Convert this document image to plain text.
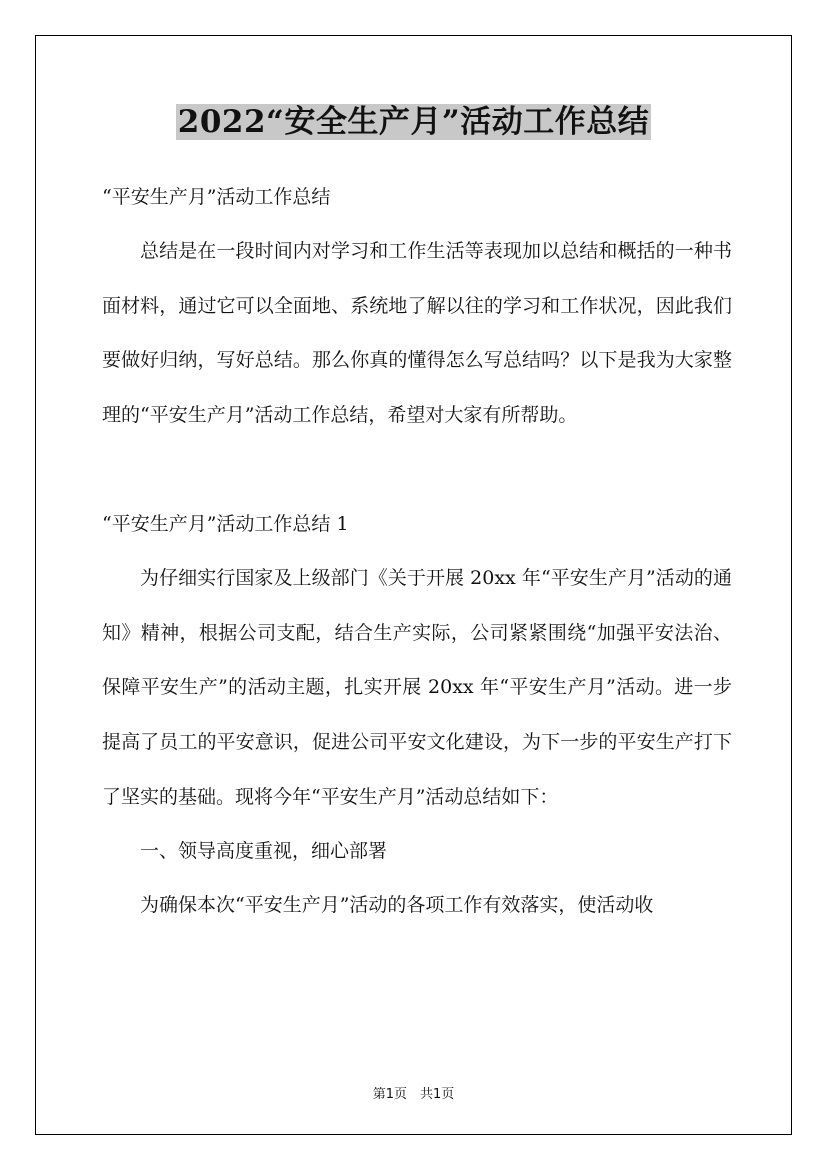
2022“安全生产月”活动工作总结

“平安生产月”活动工作总结

总结是在一段时间内对学习和工作生活等表现加以总结和概括的一种书面材料，通过它可以全面地、系统地了解以往的学习和工作状况，因此我们要做好归纳，写好总结。那么你真的懂得怎么写总结吗？以下是我为大家整理的“平安生产月”活动工作总结，希望对大家有所帮助。

“平安生产月”活动工作总结 1

为仔细实行国家及上级部门《关于开展 20xx 年“平安生产月”活动的通知》精神，根据公司支配，结合生产实际，公司紧紧围绕“加强平安法治、保障平安生产”的活动主题，扎实开展 20xx 年“平安生产月”活动。进一步提高了员工的平安意识，促进公司平安文化建设，为下一步的平安生产打下了坚实的基础。现将今年“平安生产月”活动总结如下：

一、领导高度重视，细心部署

为确保本次“平安生产月”活动的各项工作有效落实，使活动收

第1页　共1页
